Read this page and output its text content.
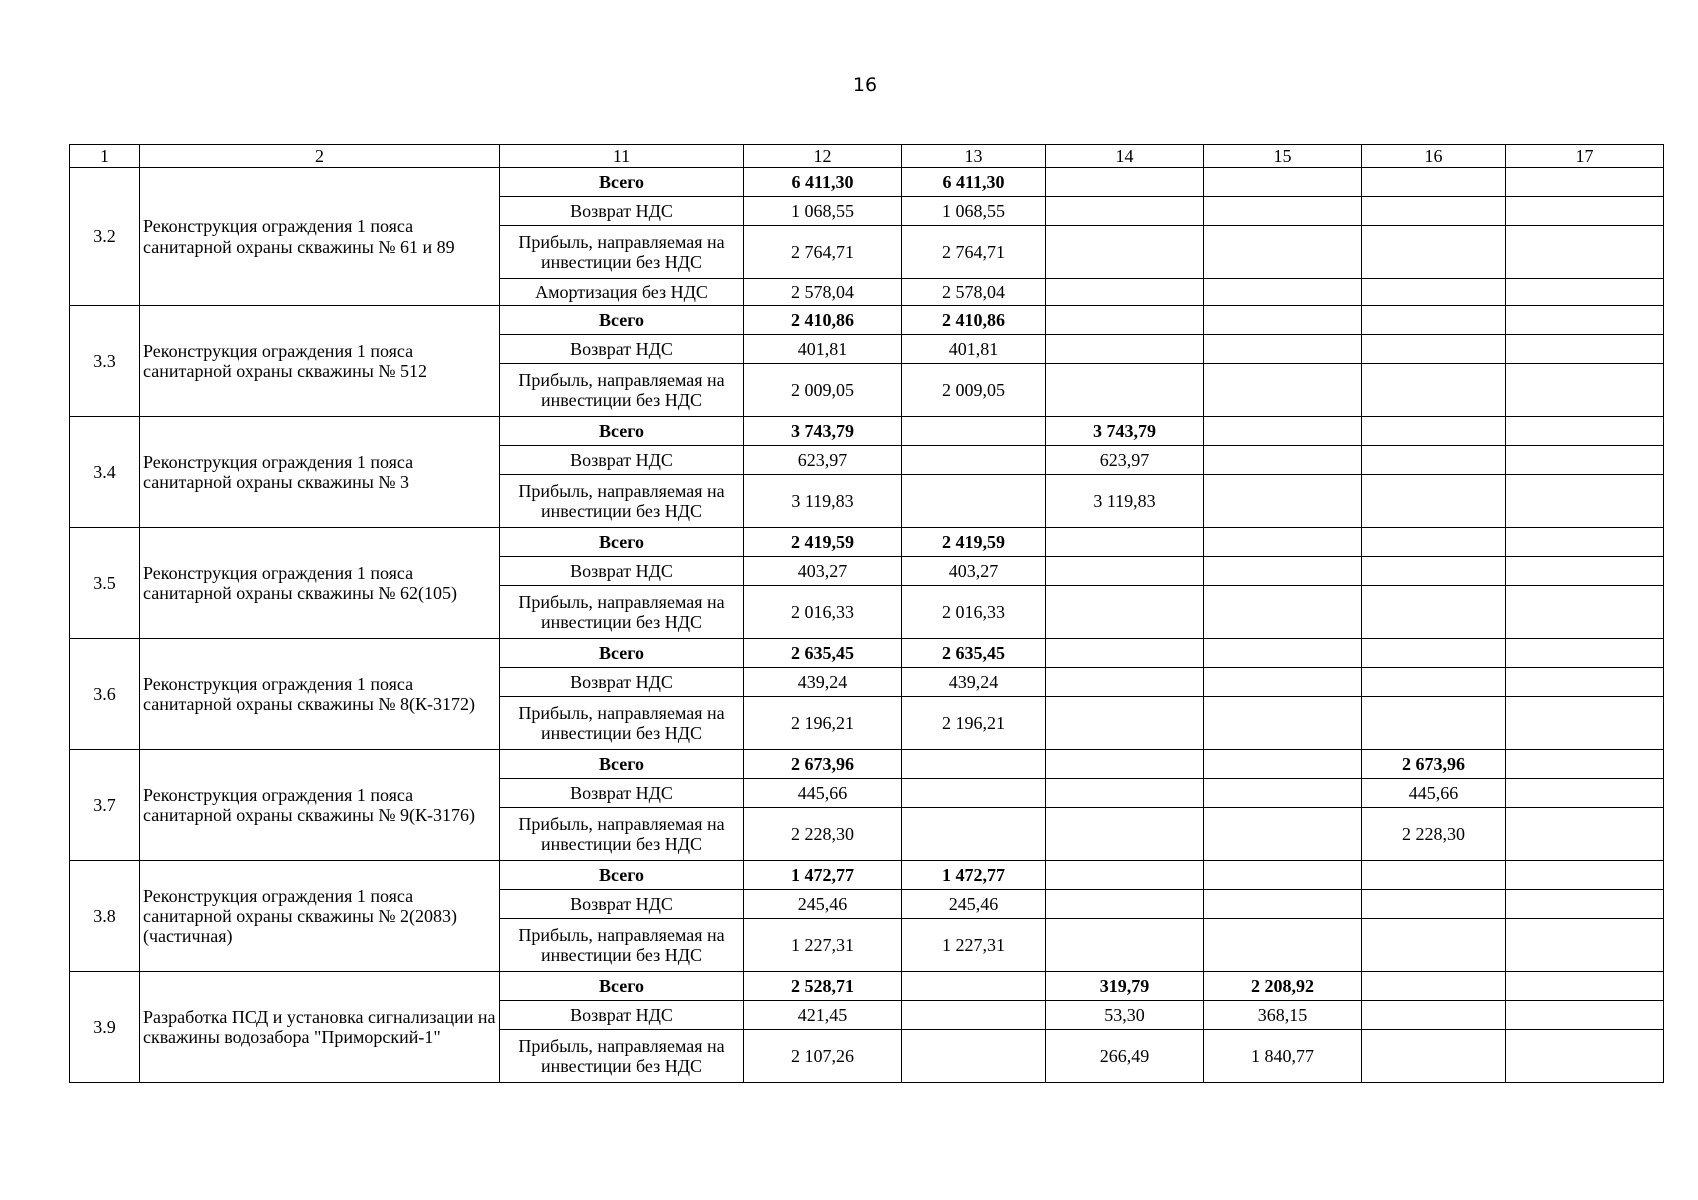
16
1	2	11	12	13	14	15	16	17
3.2	Реконструкция ограждения 1 пояса санитарной охраны скважины № 61 и 89	Всего	6 411,30	6 411,30				
		Возврат НДС	1 068,55	1 068,55				
		Прибыль, направляемая на инвестиции без НДС	2 764,71	2 764,71				
		Амортизация без НДС	2 578,04	2 578,04				
3.3	Реконструкция ограждения 1 пояса санитарной охраны скважины № 512	Всего	2 410,86	2 410,86				
		Возврат НДС	401,81	401,81				
		Прибыль, направляемая на инвестиции без НДС	2 009,05	2 009,05				
3.4	Реконструкция ограждения 1 пояса санитарной охраны скважины № 3	Всего	3 743,79		3 743,79			
		Возврат НДС	623,97		623,97			
		Прибыль, направляемая на инвестиции без НДС	3 119,83		3 119,83			
3.5	Реконструкция ограждения 1 пояса санитарной охраны скважины № 62(105)	Всего	2 419,59	2 419,59				
		Возврат НДС	403,27	403,27				
		Прибыль, направляемая на инвестиции без НДС	2 016,33	2 016,33				
3.6	Реконструкция ограждения 1 пояса санитарной охраны скважины № 8(К-3172)	Всего	2 635,45	2 635,45				
		Возврат НДС	439,24	439,24				
		Прибыль, направляемая на инвестиции без НДС	2 196,21	2 196,21				
3.7	Реконструкция ограждения 1 пояса санитарной охраны скважины № 9(К-3176)	Всего	2 673,96				2 673,96	
		Возврат НДС	445,66				445,66	
		Прибыль, направляемая на инвестиции без НДС	2 228,30				2 228,30	
3.8	Реконструкция ограждения 1 пояса санитарной охраны скважины № 2(2083) (частичная)	Всего	1 472,77	1 472,77				
		Возврат НДС	245,46	245,46				
		Прибыль, направляемая на инвестиции без НДС	1 227,31	1 227,31				
3.9	Разработка ПСД и установка сигнализации на скважины водозабора "Приморский-1"	Всего	2 528,71		319,79	2 208,92		
		Возврат НДС	421,45		53,30	368,15		
		Прибыль, направляемая на инвестиции без НДС	2 107,26		266,49	1 840,77		
